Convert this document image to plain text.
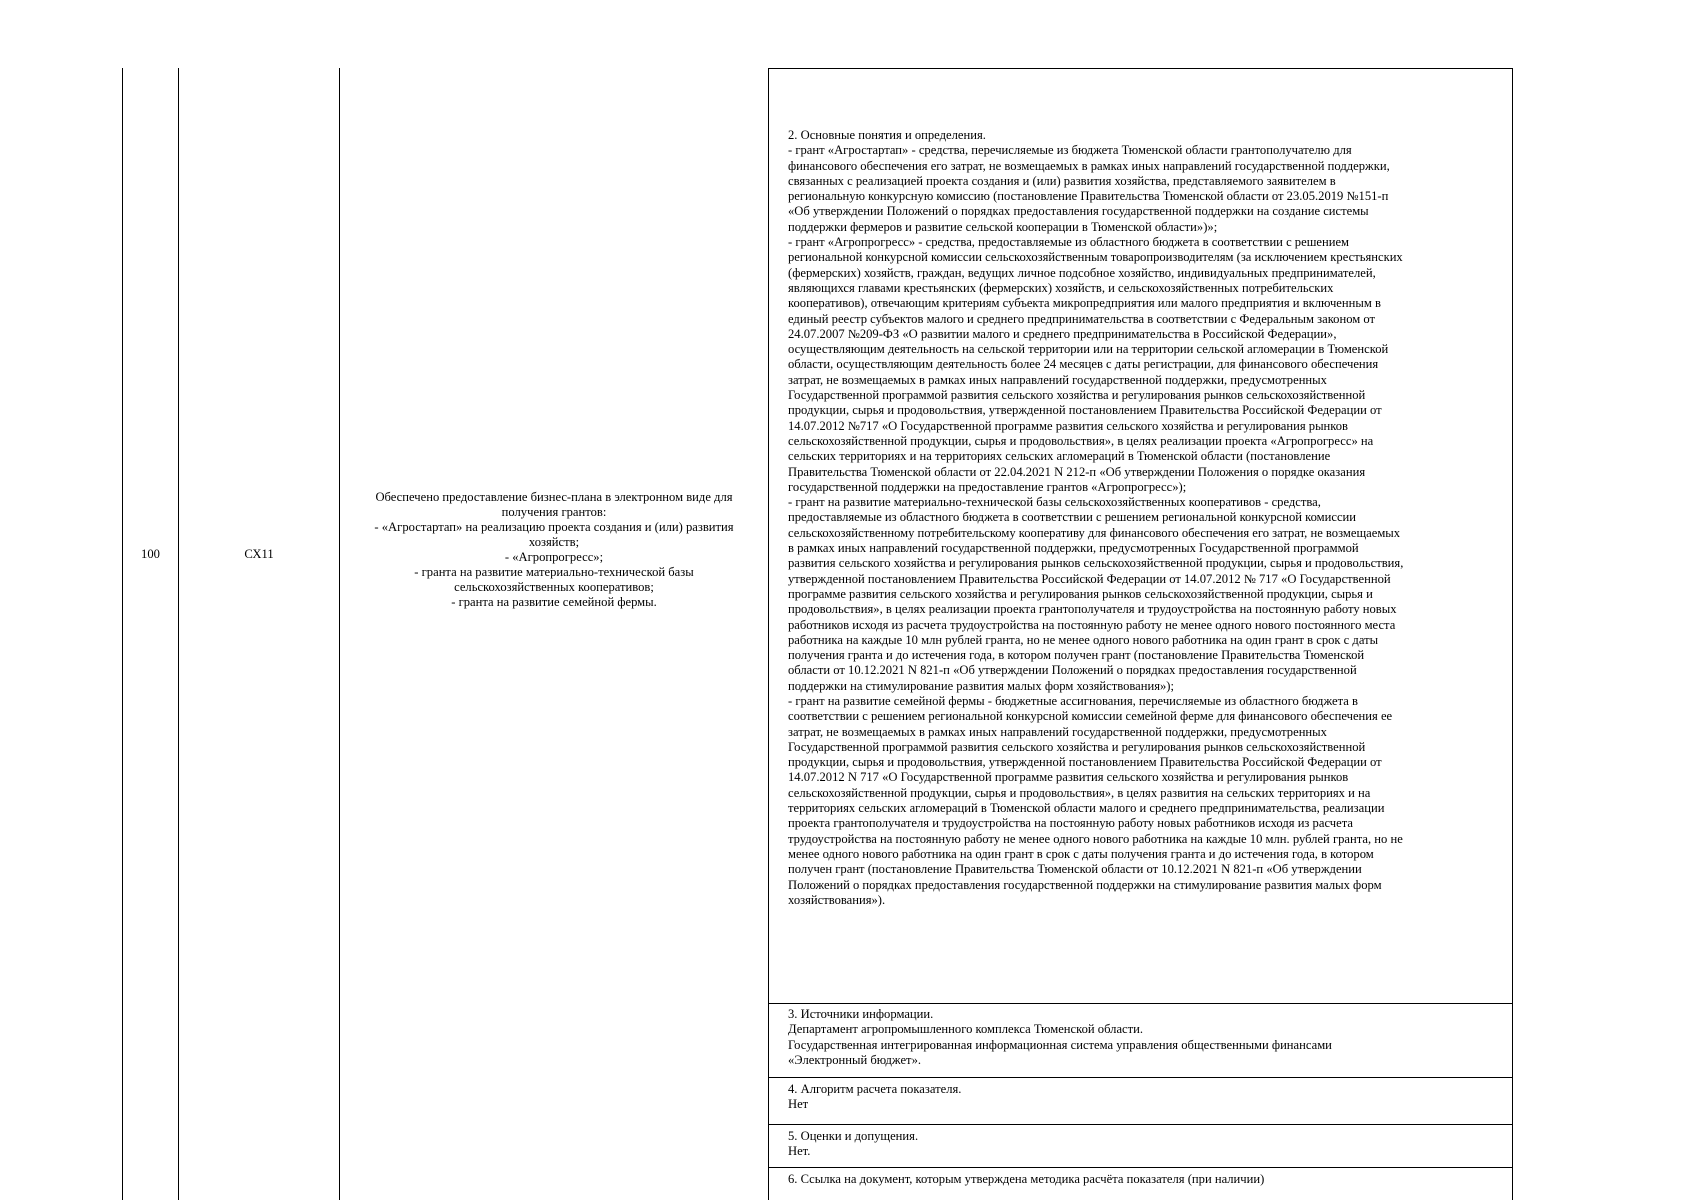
100	СХ11
Обеспечено предоставление бизнес-плана в электронном виде для
получения грантов:
- «Агростартап» на реализацию проекта создания и (или) развития
хозяйств;
- «Агропрогресс»;
- гранта на развитие материально-технической базы
сельскохозяйственных кооперативов;
- гранта на развитие семейной фермы.

2. Основные понятия и определения.

- грант «Агростартап» - средства, перечисляемые из бюджета Тюменской области грантополучателю для

финансового обеспечения его затрат, не возмещаемых в рамках иных направлений государственной поддержки,

связанных с реализацией проекта создания и (или) развития хозяйства, представляемого заявителем в

региональную конкурсную комиссию (постановление Правительства Тюменской области от 23.05.2019 №151-п

«Об утверждении Положений о порядках предоставления государственной поддержки на создание системы

поддержки фермеров и развитие сельской кооперации в Тюменской области»)»;

- грант «Агропрогресс» - средства, предоставляемые из областного бюджета в соответствии с решением

региональной конкурсной комиссии сельскохозяйственным товаропроизводителям (за исключением крестьянских

(фермерских) хозяйств, граждан, ведущих личное подсобное хозяйство, индивидуальных предпринимателей,

являющихся главами крестьянских (фермерских) хозяйств, и сельскохозяйственных потребительских

кооперативов), отвечающим критериям субъекта микропредприятия или малого предприятия и включенным в

единый реестр субъектов малого и среднего предпринимательства в соответствии с Федеральным законом от

24.07.2007 №209-ФЗ «О развитии малого и среднего предпринимательства в Российской Федерации»,

осуществляющим деятельность на сельской территории или на территории сельской агломерации в Тюменской

области, осуществляющим деятельность более 24 месяцев с даты регистрации, для финансового обеспечения

затрат, не возмещаемых в рамках иных направлений государственной поддержки, предусмотренных

Государственной программой развития сельского хозяйства и регулирования рынков сельскохозяйственной

продукции, сырья и продовольствия, утвержденной постановлением Правительства Российской Федерации от

14.07.2012 №717 «О Государственной программе развития сельского хозяйства и регулирования рынков

сельскохозяйственной продукции, сырья и продовольствия», в целях реализации проекта «Агропрогресс» на

сельских территориях и на территориях сельских агломераций в Тюменской области (постановление

Правительства Тюменской области от 22.04.2021 N 212-п «Об утверждении Положения о порядке оказания

государственной поддержки на предоставление грантов «Агропрогресс»);

- грант на развитие материально-технической базы сельскохозяйственных кооперативов - средства,

предоставляемые из областного бюджета в соответствии с решением региональной конкурсной комиссии

сельскохозяйственному потребительскому кооперативу для финансового обеспечения его затрат, не возмещаемых

в рамках иных направлений государственной поддержки, предусмотренных Государственной программой

развития сельского хозяйства и регулирования рынков сельскохозяйственной продукции, сырья и продовольствия,

утвержденной постановлением Правительства Российской Федерации от 14.07.2012 № 717 «О Государственной

программе развития сельского хозяйства и регулирования рынков сельскохозяйственной продукции, сырья и

продовольствия», в целях реализации проекта грантополучателя и трудоустройства на постоянную работу новых

работников исходя из расчета трудоустройства на постоянную работу не менее одного нового постоянного места

работника на каждые 10 млн рублей гранта, но не менее одного нового работника на один грант в срок с даты

получения гранта и до истечения года, в котором получен грант (постановление Правительства Тюменской

области от 10.12.2021 N 821-п «Об утверждении Положений о порядках предоставления государственной

поддержки на стимулирование развития малых форм хозяйствования»);

- грант на развитие семейной фермы - бюджетные ассигнования, перечисляемые из областного бюджета в

соответствии с решением региональной конкурсной комиссии семейной ферме для финансового обеспечения ее

затрат, не возмещаемых в рамках иных направлений государственной поддержки, предусмотренных

Государственной программой развития сельского хозяйства и регулирования рынков сельскохозяйственной

продукции, сырья и продовольствия, утвержденной постановлением Правительства Российской Федерации от

14.07.2012 N 717 «О Государственной программе развития сельского хозяйства и регулирования рынков

сельскохозяйственной продукции, сырья и продовольствия», в целях развития на сельских территориях и на

территориях сельских агломераций в Тюменской области малого и среднего предпринимательства, реализации

проекта грантополучателя и трудоустройства на постоянную работу новых работников исходя из расчета

трудоустройства на постоянную работу не менее одного нового работника на каждые 10 млн. рублей гранта, но не

менее одного нового работника на один грант в срок с даты получения гранта и до истечения года, в котором

получен грант (постановление Правительства Тюменской области от 10.12.2021 N 821-п «Об утверждении

Положений о порядках предоставления государственной поддержки на стимулирование развития малых форм

хозяйствования»).

3. Источники информации.

Департамент агропромышленного комплекса Тюменской области.

Государственная интегрированная информационная система управления общественными финансами

«Электронный бюджет».

4. Алгоритм расчета показателя.

Нет

5. Оценки и допущения.

Нет.

6. Ссылка на документ, которым утверждена методика расчёта показателя (при наличии)
